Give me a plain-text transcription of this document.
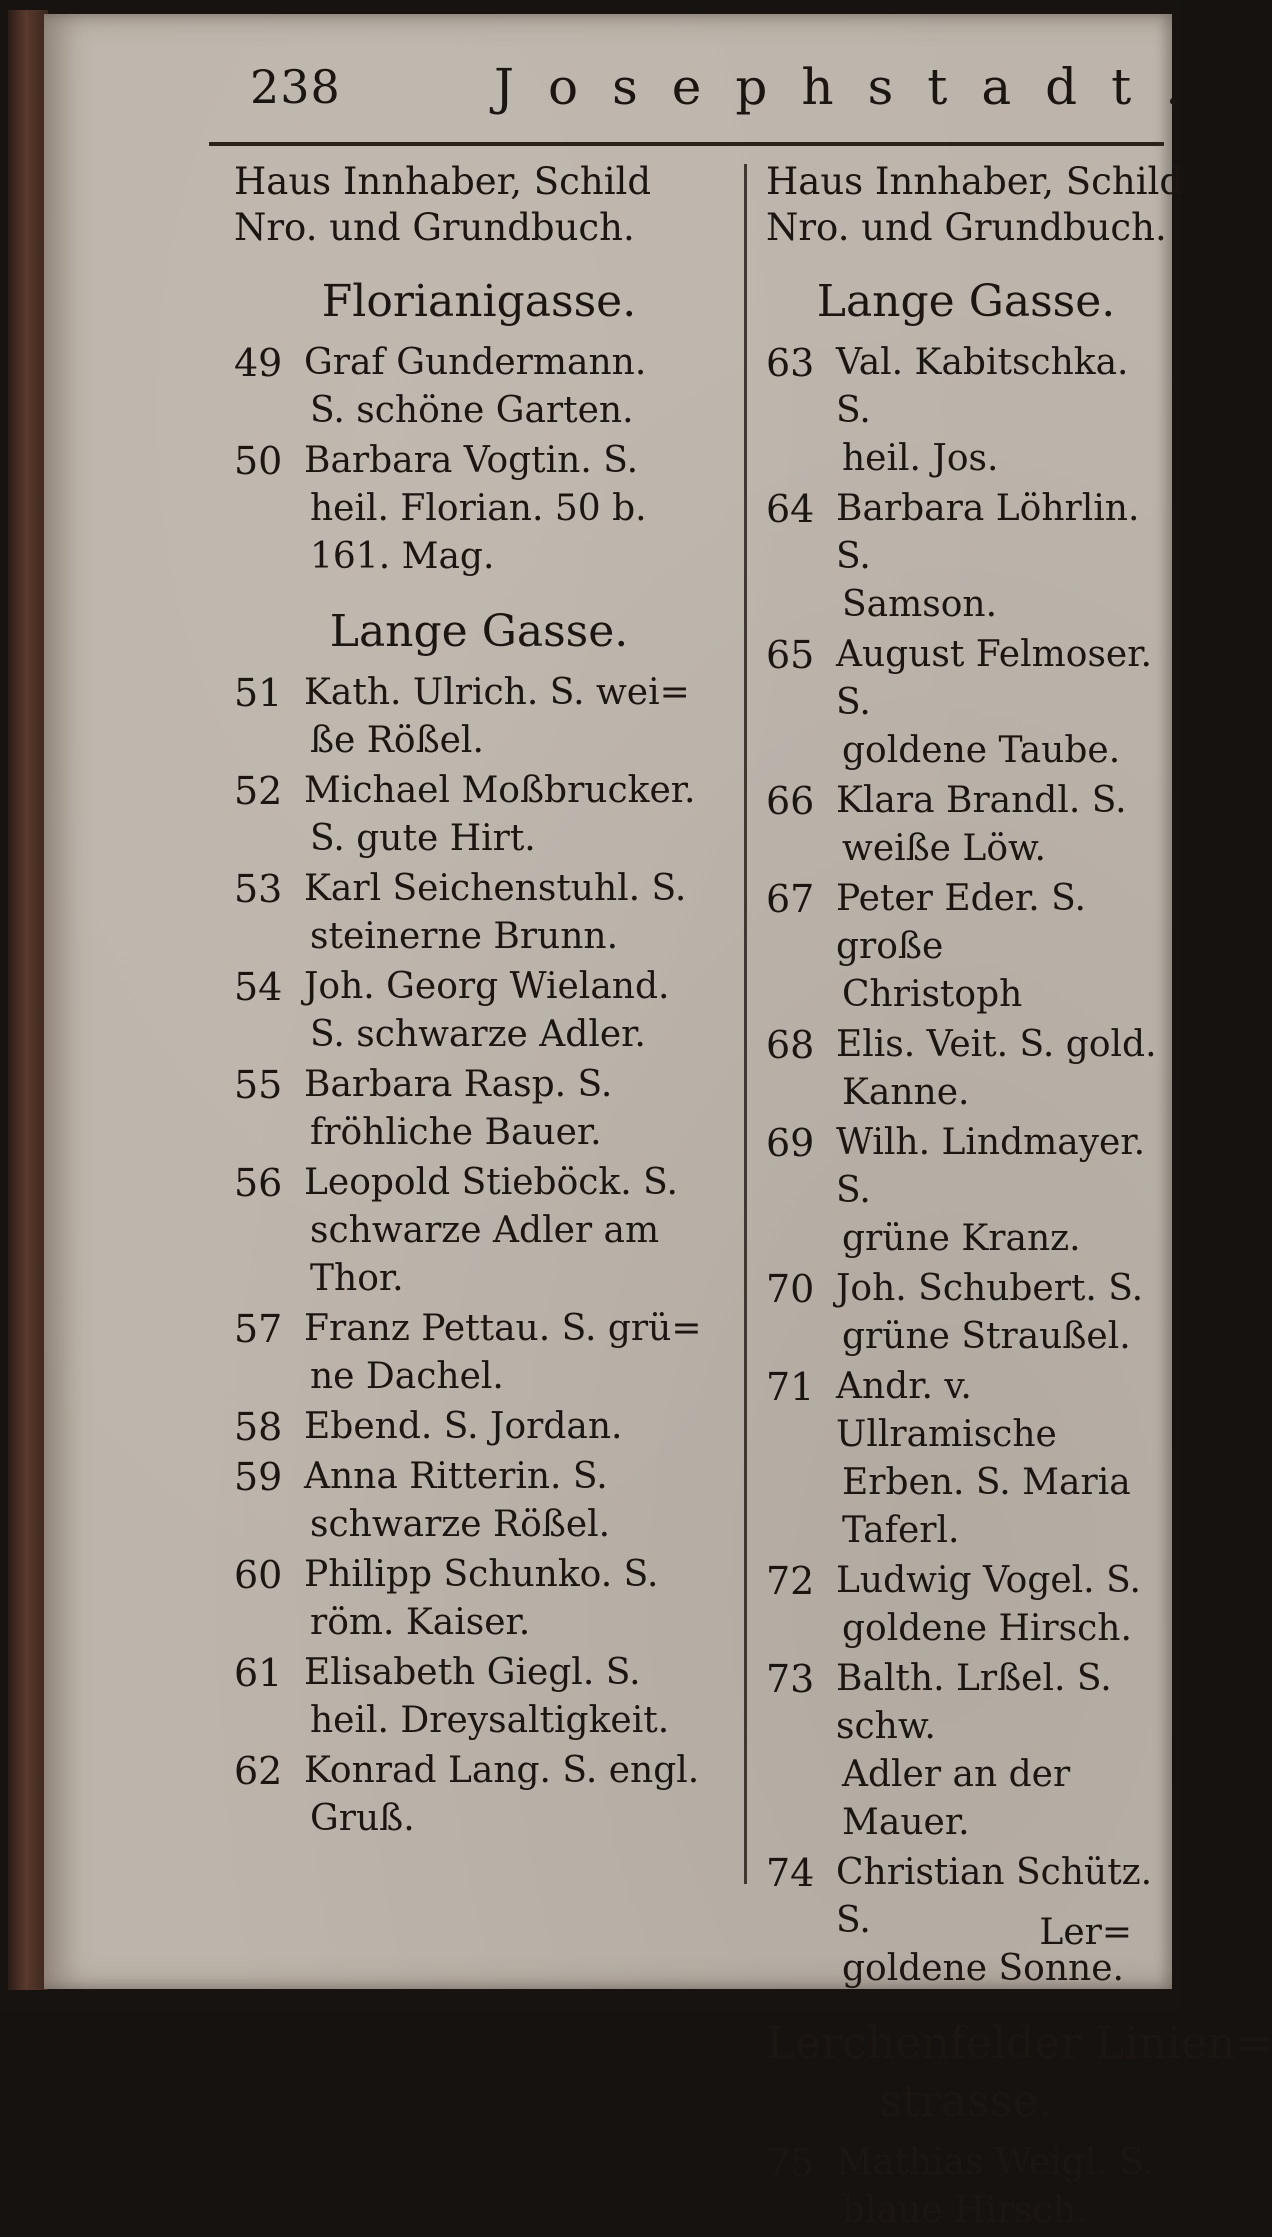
238	Josephstadt.
Haus Innhaber, Schild
Nro. und Grundbuch.
Florianigasse.
49 Graf Gundermann.
S. schöne Garten.
50 Barbara Vogtin. S.
heil. Florian. 50 b.
161. Mag.
Lange Gasse.
51 Kath. Ulrich. S. wei=
ße Rößel.
52 Michael Moßbrucker.
S. gute Hirt.
53 Karl Seichenstuhl. S.
steinerne Brunn.
54 Joh. Georg Wieland.
S. schwarze Adler.
55 Barbara Rasp. S.
fröhliche Bauer.
56 Leopold Stieböck. S.
schwarze Adler am
Thor.
57 Franz Pettau. S. grü=
ne Dachel.
58 Ebend. S. Jordan.
59 Anna Ritterin. S.
schwarze Rößel.
60 Philipp Schunko. S.
röm. Kaiser.
61 Elisabeth Giegl. S.
heil. Dreysaltigkeit.
62 Konrad Lang. S. engl.
Gruß.
Haus Innhaber, Schild
Nro. und Grundbuch.
Lange Gasse.
63 Val. Kabitschka. S.
heil. Jos.
64 Barbara Löhrlin. S.
Samson.
65 August Felmoser. S.
goldene Taube.
66 Klara Brandl. S.
weiße Löw.
67 Peter Eder. S. große
Christoph
68 Elis. Veit. S. gold.
Kanne.
69 Wilh. Lindmayer. S.
grüne Kranz.
70 Joh. Schubert. S.
grüne Straußel.
71 Andr. v. Ullramische
Erben. S. Maria
Taferl.
72 Ludwig Vogel. S.
goldene Hirsch.
73 Balth. Lrßel. S. schw.
Adler an der Mauer.
74 Christian Schütz. S.
goldene Sonne.
Lerchenfelder Linien=
strasse.
75 Mathias Weigl. S.
blaue Hirsch.
Ler=
